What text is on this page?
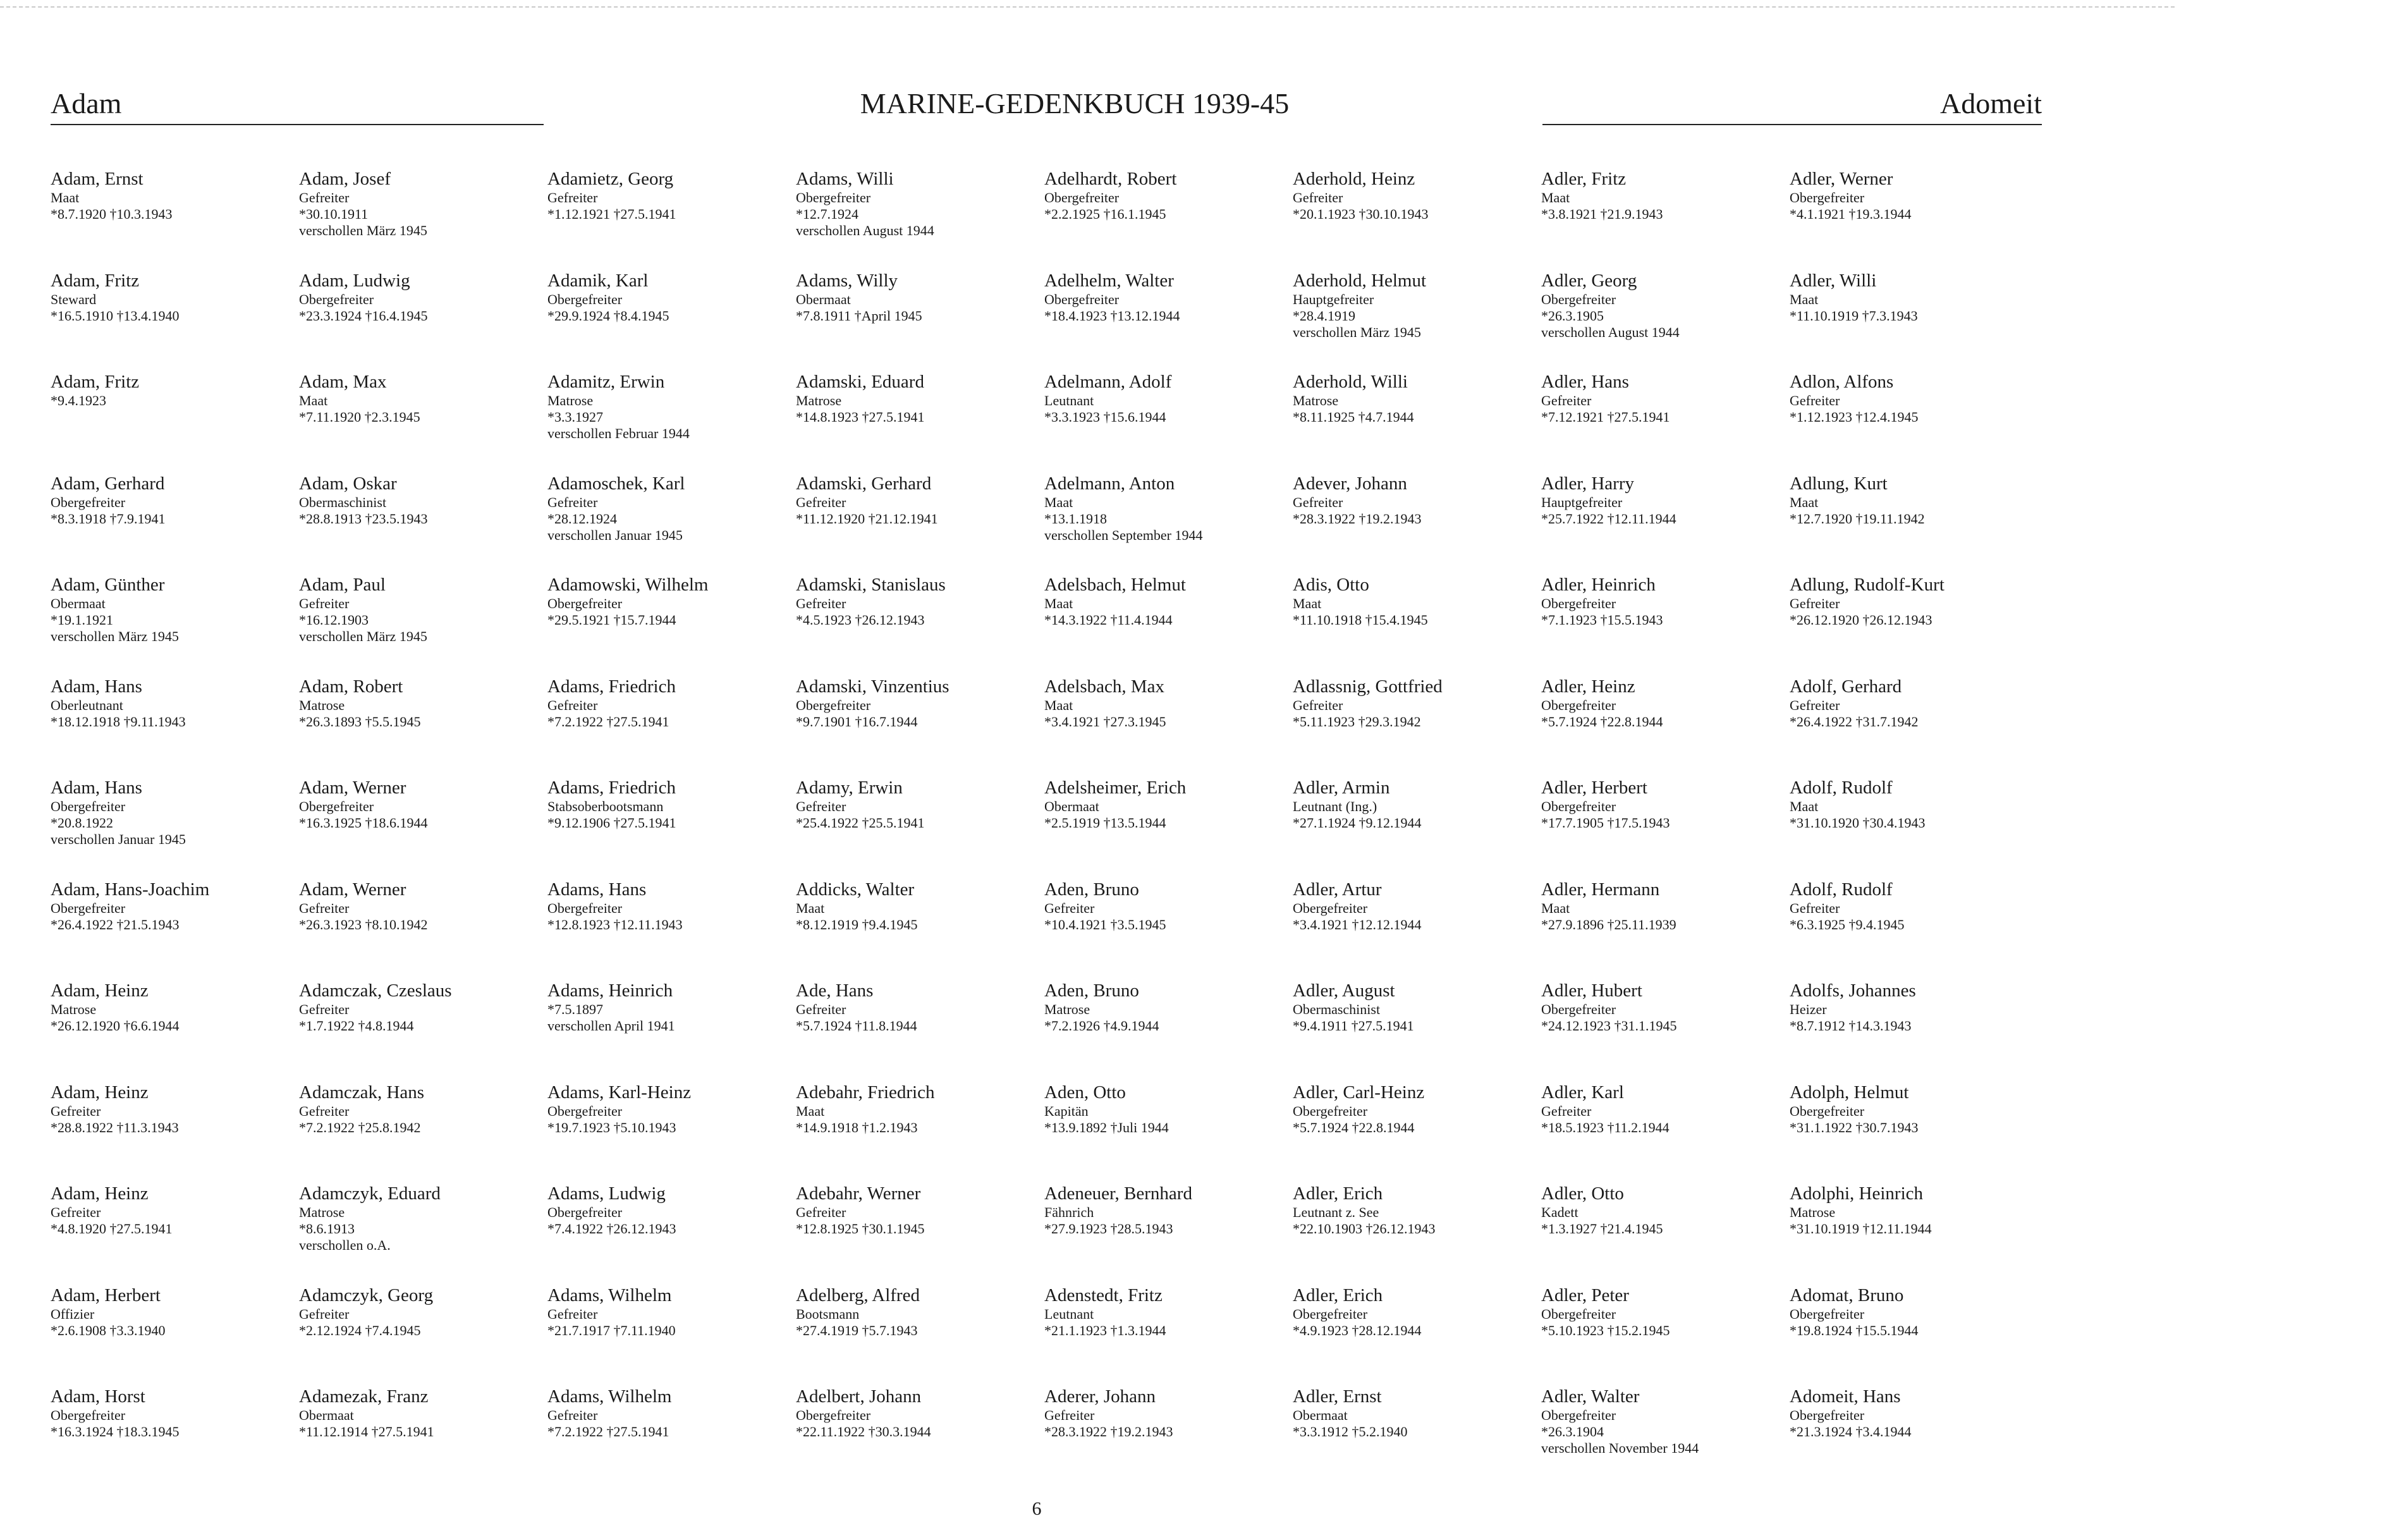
Adam	MARINE-GEDENKBUCH 1939-45	Adomeit
Adam, Ernst
Maat
*8.7.1920 †10.3.1943
Adam, Fritz
Steward
*16.5.1910 †13.4.1940
Adam, Fritz
*9.4.1923
Adam, Gerhard
Obergefreiter
*8.3.1918 †7.9.1941
Adam, Günther
Obermaat
*19.1.1921
verschollen März 1945
Adam, Hans
Oberleutnant
*18.12.1918 †9.11.1943
Adam, Hans
Obergefreiter
*20.8.1922
verschollen Januar 1945
Adam, Hans-Joachim
Obergefreiter
*26.4.1922 †21.5.1943
Adam, Heinz
Matrose
*26.12.1920 †6.6.1944
Adam, Heinz
Gefreiter
*28.8.1922 †11.3.1943
Adam, Heinz
Gefreiter
*4.8.1920 †27.5.1941
Adam, Herbert
Offizier
*2.6.1908 †3.3.1940
Adam, Horst
Obergefreiter
*16.3.1924 †18.3.1945
Adam, Josef
Gefreiter
*30.10.1911
verschollen März 1945
Adam, Ludwig
Obergefreiter
*23.3.1924 †16.4.1945
Adam, Max
Maat
*7.11.1920 †2.3.1945
Adam, Oskar
Obermaschinist
*28.8.1913 †23.5.1943
Adam, Paul
Gefreiter
*16.12.1903
verschollen März 1945
Adam, Robert
Matrose
*26.3.1893 †5.5.1945
Adam, Werner
Obergefreiter
*16.3.1925 †18.6.1944
Adam, Werner
Gefreiter
*26.3.1923 †8.10.1942
Adamczak, Czeslaus
Gefreiter
*1.7.1922 †4.8.1944
Adamczak, Hans
Gefreiter
*7.2.1922 †25.8.1942
Adamczyk, Eduard
Matrose
*8.6.1913
verschollen o.A.
Adamczyk, Georg
Gefreiter
*2.12.1924 †7.4.1945
Adamezak, Franz
Obermaat
*11.12.1914 †27.5.1941
Adamietz, Georg
Gefreiter
*1.12.1921 †27.5.1941
Adamik, Karl
Obergefreiter
*29.9.1924 †8.4.1945
Adamitz, Erwin
Matrose
*3.3.1927
verschollen Februar 1944
Adamoschek, Karl
Gefreiter
*28.12.1924
verschollen Januar 1945
Adamowski, Wilhelm
Obergefreiter
*29.5.1921 †15.7.1944
Adams, Friedrich
Gefreiter
*7.2.1922 †27.5.1941
Adams, Friedrich
Stabsoberbootsmann
*9.12.1906 †27.5.1941
Adams, Hans
Obergefreiter
*12.8.1923 †12.11.1943
Adams, Heinrich
*7.5.1897
verschollen April 1941
Adams, Karl-Heinz
Obergefreiter
*19.7.1923 †5.10.1943
Adams, Ludwig
Obergefreiter
*7.4.1922 †26.12.1943
Adams, Wilhelm
Gefreiter
*21.7.1917 †7.11.1940
Adams, Wilhelm
Gefreiter
*7.2.1922 †27.5.1941
Adams, Willi
Obergefreiter
*12.7.1924
verschollen August 1944
Adams, Willy
Obermaat
*7.8.1911 †April 1945
Adamski, Eduard
Matrose
*14.8.1923 †27.5.1941
Adamski, Gerhard
Gefreiter
*11.12.1920 †21.12.1941
Adamski, Stanislaus
Gefreiter
*4.5.1923 †26.12.1943
Adamski, Vinzentius
Obergefreiter
*9.7.1901 †16.7.1944
Adamy, Erwin
Gefreiter
*25.4.1922 †25.5.1941
Addicks, Walter
Maat
*8.12.1919 †9.4.1945
Ade, Hans
Gefreiter
*5.7.1924 †11.8.1944
Adebahr, Friedrich
Maat
*14.9.1918 †1.2.1943
Adebahr, Werner
Gefreiter
*12.8.1925 †30.1.1945
Adelberg, Alfred
Bootsmann
*27.4.1919 †5.7.1943
Adelbert, Johann
Obergefreiter
*22.11.1922 †30.3.1944
Adelhardt, Robert
Obergefreiter
*2.2.1925 †16.1.1945
Adelhelm, Walter
Obergefreiter
*18.4.1923 †13.12.1944
Adelmann, Adolf
Leutnant
*3.3.1923 †15.6.1944
Adelmann, Anton
Maat
*13.1.1918
verschollen September 1944
Adelsbach, Helmut
Maat
*14.3.1922 †11.4.1944
Adelsbach, Max
Maat
*3.4.1921 †27.3.1945
Adelsheimer, Erich
Obermaat
*2.5.1919 †13.5.1944
Aden, Bruno
Gefreiter
*10.4.1921 †3.5.1945
Aden, Bruno
Matrose
*7.2.1926 †4.9.1944
Aden, Otto
Kapitän
*13.9.1892 †Juli 1944
Adeneuer, Bernhard
Fähnrich
*27.9.1923 †28.5.1943
Adenstedt, Fritz
Leutnant
*21.1.1923 †1.3.1944
Aderer, Johann
Gefreiter
*28.3.1922 †19.2.1943
Aderhold, Heinz
Gefreiter
*20.1.1923 †30.10.1943
Aderhold, Helmut
Hauptgefreiter
*28.4.1919
verschollen März 1945
Aderhold, Willi
Matrose
*8.11.1925 †4.7.1944
Adever, Johann
Gefreiter
*28.3.1922 †19.2.1943
Adis, Otto
Maat
*11.10.1918 †15.4.1945
Adlassnig, Gottfried
Gefreiter
*5.11.1923 †29.3.1942
Adler, Armin
Leutnant (Ing.)
*27.1.1924 †9.12.1944
Adler, Artur
Obergefreiter
*3.4.1921 †12.12.1944
Adler, August
Obermaschinist
*9.4.1911 †27.5.1941
Adler, Carl-Heinz
Obergefreiter
*5.7.1924 †22.8.1944
Adler, Erich
Leutnant z. See
*22.10.1903 †26.12.1943
Adler, Erich
Obergefreiter
*4.9.1923 †28.12.1944
Adler, Ernst
Obermaat
*3.3.1912 †5.2.1940
Adler, Fritz
Maat
*3.8.1921 †21.9.1943
Adler, Georg
Obergefreiter
*26.3.1905
verschollen August 1944
Adler, Hans
Gefreiter
*7.12.1921 †27.5.1941
Adler, Harry
Hauptgefreiter
*25.7.1922 †12.11.1944
Adler, Heinrich
Obergefreiter
*7.1.1923 †15.5.1943
Adler, Heinz
Obergefreiter
*5.7.1924 †22.8.1944
Adler, Herbert
Obergefreiter
*17.7.1905 †17.5.1943
Adler, Hermann
Maat
*27.9.1896 †25.11.1939
Adler, Hubert
Obergefreiter
*24.12.1923 †31.1.1945
Adler, Karl
Gefreiter
*18.5.1923 †11.2.1944
Adler, Otto
Kadett
*1.3.1927 †21.4.1945
Adler, Peter
Obergefreiter
*5.10.1923 †15.2.1945
Adler, Walter
Obergefreiter
*26.3.1904
verschollen November 1944
Adler, Werner
Obergefreiter
*4.1.1921 †19.3.1944
Adler, Willi
Maat
*11.10.1919 †7.3.1943
Adlon, Alfons
Gefreiter
*1.12.1923 †12.4.1945
Adlung, Kurt
Maat
*12.7.1920 †19.11.1942
Adlung, Rudolf-Kurt
Gefreiter
*26.12.1920 †26.12.1943
Adolf, Gerhard
Gefreiter
*26.4.1922 †31.7.1942
Adolf, Rudolf
Maat
*31.10.1920 †30.4.1943
Adolf, Rudolf
Gefreiter
*6.3.1925 †9.4.1945
Adolfs, Johannes
Heizer
*8.7.1912 †14.3.1943
Adolph, Helmut
Obergefreiter
*31.1.1922 †30.7.1943
Adolphi, Heinrich
Matrose
*31.10.1919 †12.11.1944
Adomat, Bruno
Obergefreiter
*19.8.1924 †15.5.1944
Adomeit, Hans
Obergefreiter
*21.3.1924 †3.4.1944
6
